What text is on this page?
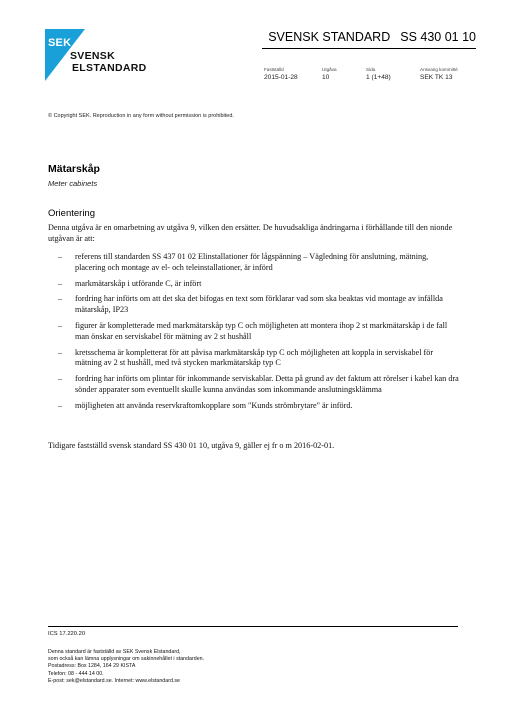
SEK
SVENSK
ELSTANDARD
SVENSK STANDARD SS 430 01 10
Fastställd
2015-01-28
Utgåva
10
Sida
1 (1+48)
Ansvarig kommitté
SEK TK 13
© Copyright SEK. Reproduction in any form without permission is prohibited.
Mätarskåp
Meter cabinets
Orientering
Denna utgåva är en omarbetning av utgåva 9, vilken den ersätter. De huvudsakliga ändringarna i förhållande till den nionde utgåvan är att:
– referens till standarden SS 437 01 02 Elinstallationer för lågspänning – Vägledning för anslutning, mätning, placering och montage av el- och teleinstallationer, är införd
– markmätarskåp i utförande C, är infört
– fordring har införts om att det ska det bifogas en text som förklarar vad som ska beaktas vid montage av infällda mätarskåp, IP23
– figurer är kompletterade med markmätarskåp typ C och möjligheten att montera ihop 2 st markmätarskåp i de fall man önskar en serviskabel för mätning av 2 st hushåll
– kretsschema är kompletterat för att påvisa markmätarskåp typ C och möjligheten att koppla in serviskabel för mätning av 2 st hushåll, med två stycken markmätarskåp typ C
– fordring har införts om plintar för inkommande serviskablar. Detta på grund av det faktum att rörelser i kabel kan dra sönder apparater som eventuellt skulle kunna användas som inkommande anslutningsklämma
– möjligheten att använda reservkraftomkopplare som "Kunds strömbrytare" är införd.
Tidigare fastställd svensk standard SS 430 01 10, utgåva 9, gäller ej fr o m 2016-02-01.
ICS 17.220.20
Denna standard är fastställd av SEK Svensk Elstandard,
som också kan lämna upplysningar om sakinnehållet i standarden.
Postadress: Box 1284, 164 29 KISTA
Telefon: 08 - 444 14 00.
E-post: sek@elstandard.se. Internet: www.elstandard.se
